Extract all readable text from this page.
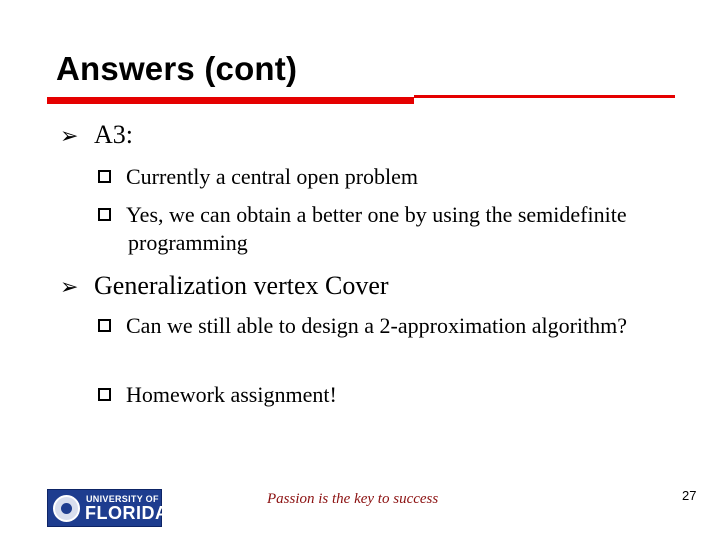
Answers (cont)
➢ A3:
Currently a central open problem
Yes, we can obtain a better one by using the semidefinite programming
➢ Generalization vertex Cover
Can we still able to design a 2-approximation algorithm?
Homework assignment!
UNIVERSITY OF
FLORIDA
Passion is the key to success	27
